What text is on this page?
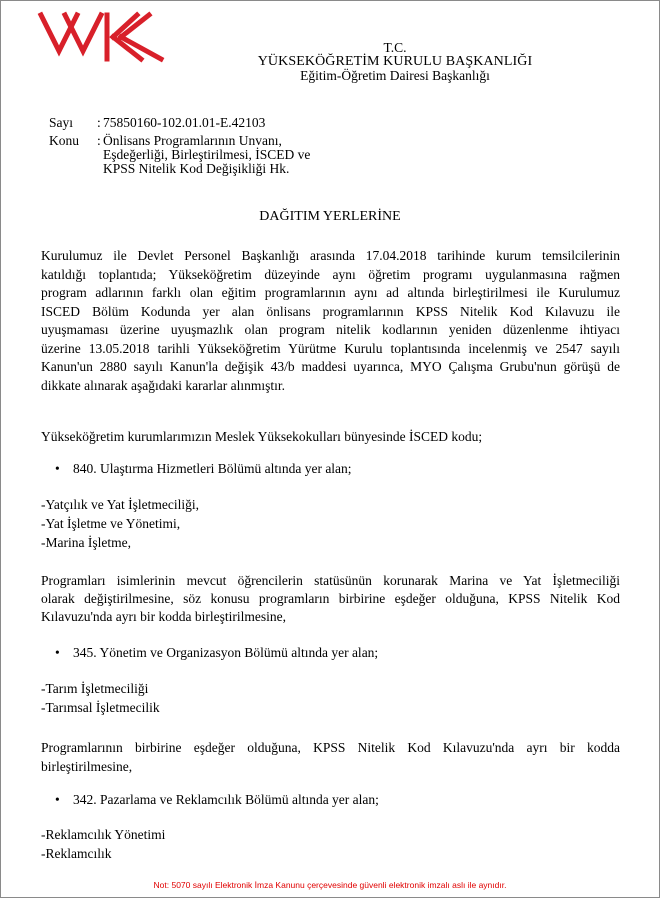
T.C.
YÜKSEKÖĞRETİM KURULU BAŞKANLIĞI
Eğitim-Öğretim Dairesi Başkanlığı
Sayı	: 75850160-102.01.01-E.42103
Konu	: Önlisans Programlarının Unvanı,
Eşdeğerliği, Birleştirilmesi, İSCED ve
KPSS Nitelik Kod Değişikliği Hk.
DAĞITIM YERLERİNE
Kurulumuz ile Devlet Personel Başkanlığı arasında 17.04.2018 tarihinde kurum temsilcilerinin
katıldığı toplantıda; Yükseköğretim düzeyinde aynı öğretim programı uygulanmasına rağmen
program adlarının farklı olan eğitim programlarının aynı ad altında birleştirilmesi ile Kurulumuz
ISCED Bölüm Kodunda yer alan önlisans programlarının KPSS Nitelik Kod Kılavuzu ile
uyuşmaması üzerine uyuşmazlık olan program nitelik kodlarının yeniden düzenlenme ihtiyacı
üzerine 13.05.2018 tarihli Yükseköğretim Yürütme Kurulu toplantısında incelenmiş ve 2547 sayılı
Kanun'un 2880 sayılı Kanun'la değişik 43/b maddesi uyarınca, MYO Çalışma Grubu'nun görüşü de
dikkate alınarak aşağıdaki kararlar alınmıştır.
Yükseköğretim kurumlarımızın Meslek Yüksekokulları bünyesinde İSCED kodu;
• 840. Ulaştırma Hizmetleri Bölümü altında yer alan;
-Yatçılık ve Yat İşletmeciliği,
-Yat İşletme ve Yönetimi,
-Marina İşletme,
Programları isimlerinin mevcut öğrencilerin statüsünün korunarak Marina ve Yat İşletmeciliği
olarak değiştirilmesine, söz konusu programların birbirine eşdeğer olduğuna, KPSS Nitelik Kod
Kılavuzu'nda ayrı bir kodda birleştirilmesine,
• 345. Yönetim ve Organizasyon Bölümü altında yer alan;
-Tarım İşletmeciliği
-Tarımsal İşletmecilik
Programlarının birbirine eşdeğer olduğuna, KPSS Nitelik Kod Kılavuzu'nda ayrı bir kodda
birleştirilmesine,
• 342. Pazarlama ve Reklamcılık Bölümü altında yer alan;
-Reklamcılık Yönetimi
-Reklamcılık
Not: 5070 sayılı Elektronik İmza Kanunu çerçevesinde güvenli elektronik imzalı aslı ile aynıdır.
